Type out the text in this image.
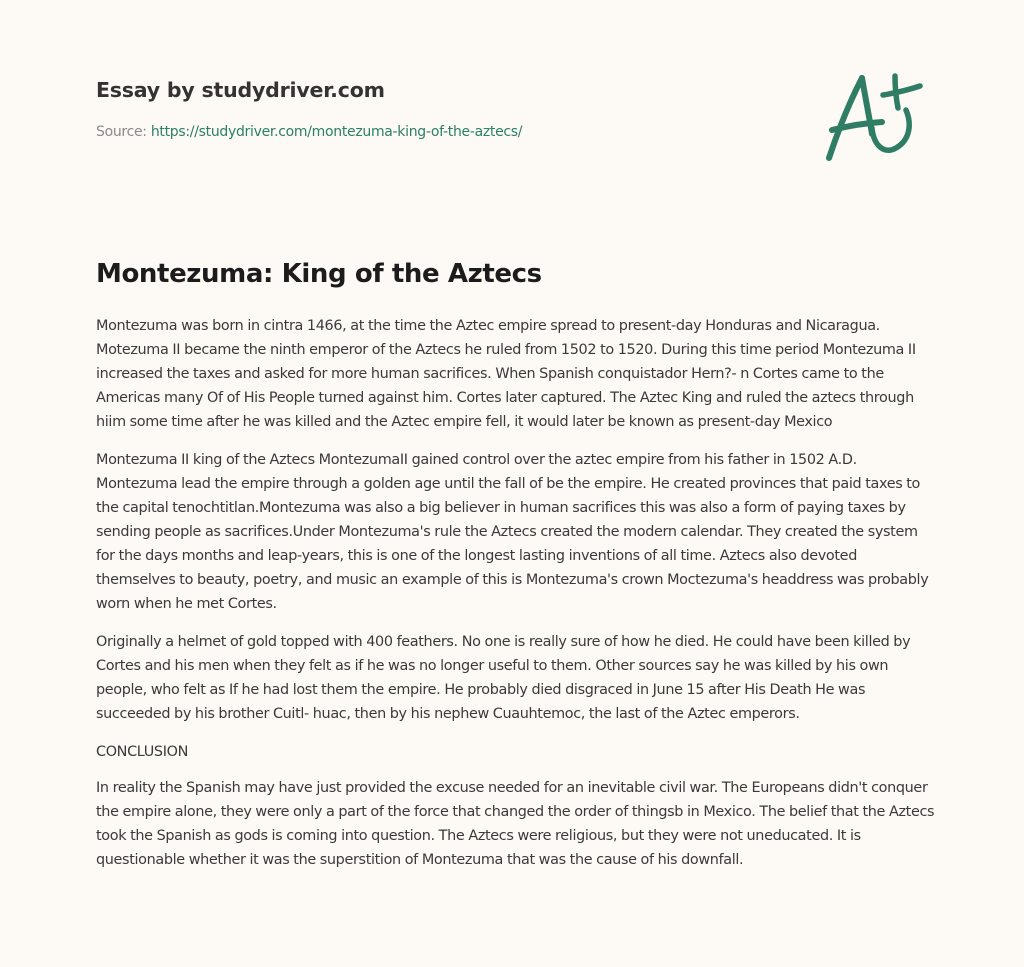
Essay by studydriver.com
Source: https://studydriver.com/montezuma-king-of-the-aztecs/
Montezuma: King of the Aztecs

Montezuma was born in cintra 1466, at the time the Aztec empire spread to present-day Honduras and Nicaragua. Motezuma II became the ninth emperor of the Aztecs he ruled from 1502 to 1520. During this time period Montezuma II increased the taxes and asked for more human sacrifices. When Spanish conquistador Hern?- n Cortes came to the Americas many Of of His People turned against him. Cortes later captured. The Aztec King and ruled the aztecs through hiim some time after he was killed and the Aztec empire fell, it would later be known as present-day Mexico

Montezuma II king of the Aztecs MontezumaII gained control over the aztec empire from his father in 1502 A.D. Montezuma lead the empire through a golden age until the fall of be the empire. He created provinces that paid taxes to the capital tenochtitlan.Montezuma was also a big believer in human sacrifices this was also a form of paying taxes by sending people as sacrifices.Under Montezuma's rule the Aztecs created the modern calendar. They created the system for the days months and leap-years, this is one of the longest lasting inventions of all time. Aztecs also devoted themselves to beauty, poetry, and music an example of this is Montezuma's crown Moctezuma's headdress was probably worn when he met Cortes.

Originally a helmet of gold topped with 400 feathers. No one is really sure of how he died. He could have been killed by Cortes and his men when they felt as if he was no longer useful to them. Other sources say he was killed by his own people, who felt as If he had lost them the empire. He probably died disgraced in June 15 after His Death He was succeeded by his brother Cuitl- huac, then by his nephew Cuauhtemoc, the last of the Aztec emperors.

CONCLUSION

In reality the Spanish may have just provided the excuse needed for an inevitable civil war. The Europeans didn't conquer the empire alone, they were only a part of the force that changed the order of thingsb in Mexico. The belief that the Aztecs took the Spanish as gods is coming into question. The Aztecs were religious, but they were not uneducated. It is questionable whether it was the superstition of Montezuma that was the cause of his downfall.
